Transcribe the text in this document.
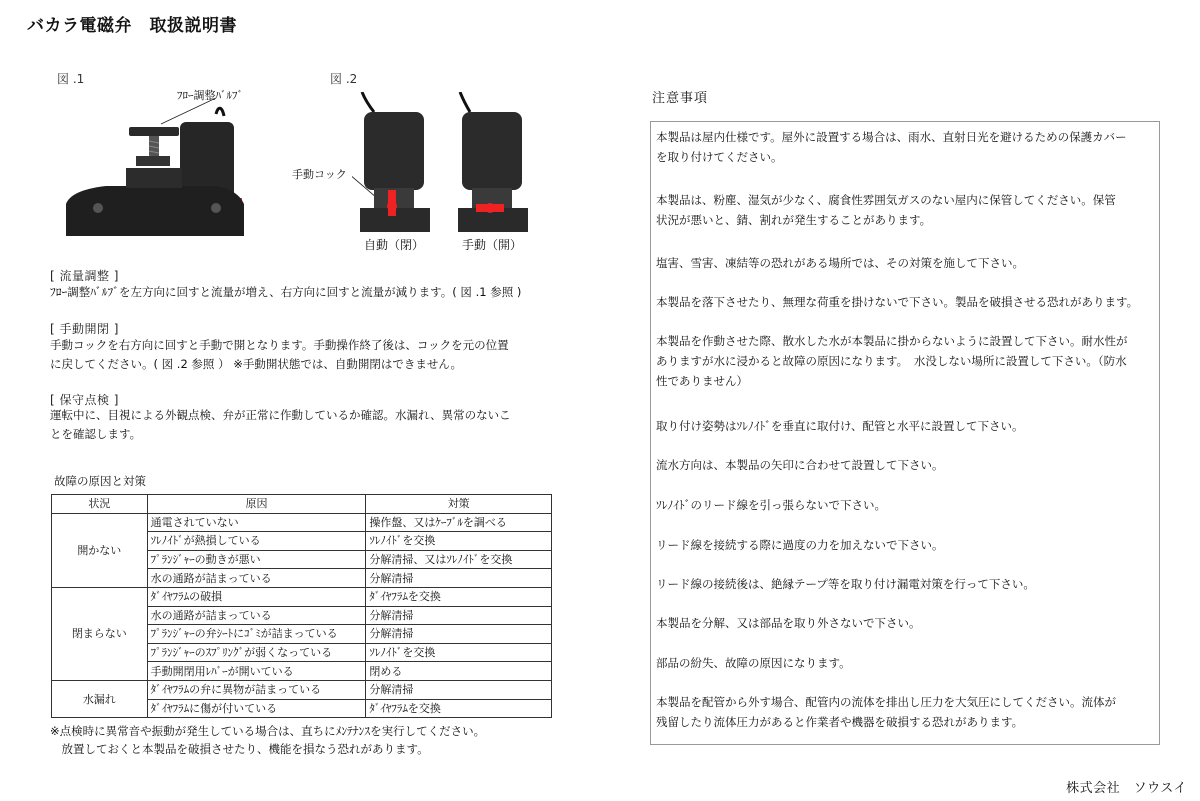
バカラ電磁弁　取扱説明書
図 .1	図 .2
ﾌﾛｰ調整ﾊﾞﾙﾌﾞ
手動コック
自動（閉）	手動（開）
[ 流量調整 ]
ﾌﾛｰ調整ﾊﾞﾙﾌﾞを左方向に回すと流量が増え、右方向に回すと流量が減ります。( 図 .1 参照 )
[ 手動開閉 ]
手動コックを右方向に回すと手動で開となります。手動操作終了後は、コックを元の位置
に戻してください。( 図 .2 参照 ） ※手動開状態では、自動開閉はできません。
[ 保守点検 ]
運転中に、目視による外観点検、弁が正常に作動しているか確認。水漏れ、異常のないこ
とを確認します。
故障の原因と対策
状況	原因	対策
開かない	通電されていない	操作盤、又はｹｰﾌﾞﾙを調べる
	ｿﾚﾉｲﾄﾞが熱損している	ｿﾚﾉｲﾄﾞを交換
	ﾌﾟﾗﾝｼﾞｬｰの動きが悪い	分解清掃、又はｿﾚﾉｲﾄﾞを交換
	水の通路が詰まっている	分解清掃
閉まらない	ﾀﾞｲﾔﾌﾗﾑの破損	ﾀﾞｲﾔﾌﾗﾑを交換
	水の通路が詰まっている	分解清掃
	ﾌﾟﾗﾝｼﾞｬｰの弁ｼｰﾄにｺﾞﾐが詰まっている	分解清掃
	ﾌﾟﾗﾝｼﾞｬｰのｽﾌﾟﾘﾝｸﾞが弱くなっている	ｿﾚﾉｲﾄﾞを交換
	手動開閉用ﾚﾊﾞｰが開いている	閉める
水漏れ	ﾀﾞｲﾔﾌﾗﾑの弁に異物が詰まっている	分解清掃
	ﾀﾞｲﾔﾌﾗﾑに傷が付いている	ﾀﾞｲﾔﾌﾗﾑを交換
※点検時に異常音や振動が発生している場合は、直ちにﾒﾝﾃﾅﾝｽを実行してください。
　放置しておくと本製品を破損させたり、機能を損なう恐れがあります。
注意事項
本製品は屋内仕様です。屋外に設置する場合は、雨水、直射日光を避けるための保護カバー
を取り付けてください。
本製品は、粉塵、湿気が少なく、腐食性雰囲気ガスのない屋内に保管してください。保管
状況が悪いと、錆、割れが発生することがあります。
塩害、雪害、凍結等の恐れがある場所では、その対策を施して下さい。
本製品を落下させたり、無理な荷重を掛けないで下さい。製品を破損させる恐れがあります。
本製品を作動させた際、散水した水が本製品に掛からないように設置して下さい。耐水性が
ありますが水に浸かると故障の原因になります。　水没しない場所に設置して下さい。（防水
性でありません）
取り付け姿勢はｿﾚﾉｲﾄﾞを垂直に取付け、配管と水平に設置して下さい。
流水方向は、本製品の矢印に合わせて設置して下さい。
ｿﾚﾉｲﾄﾞのリード線を引っ張らないで下さい。
リード線を接続する際に過度の力を加えないで下さい。
リード線の接続後は、絶縁テープ等を取り付け漏電対策を行って下さい。
本製品を分解、又は部品を取り外さないで下さい。
部品の紛失、故障の原因になります。
本製品を配管から外す場合、配管内の流体を排出し圧力を大気圧にしてください。流体が
残留したり流体圧力があると作業者や機器を破損する恐れがあります。
株式会社　ソウスイ
